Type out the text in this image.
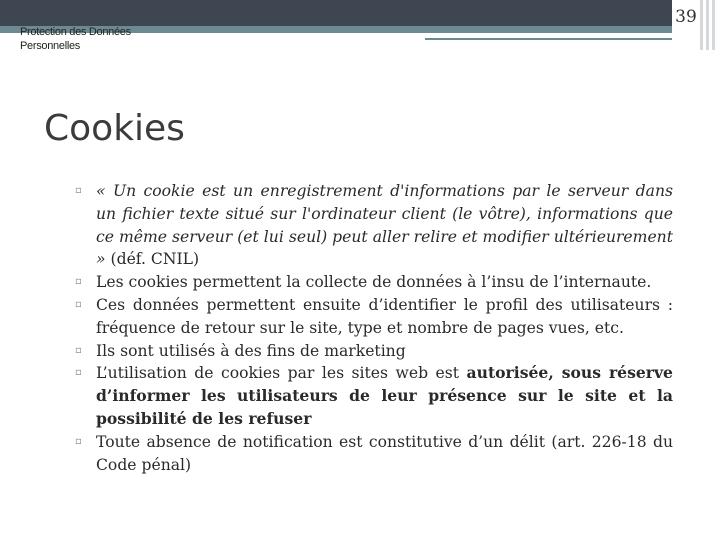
39
Protection des Données
Personnelles
Cookies
▫ « Un cookie est un enregistrement d'informations par le serveur dans un fichier texte situé sur l'ordinateur client (le vôtre), informations que ce même serveur (et lui seul) peut aller relire et modifier ultérieurement » (déf. CNIL)
▫ Les cookies permettent la collecte de données à l’insu de l’internaute.
▫ Ces données permettent ensuite d’identifier le profil des utilisateurs : fréquence de retour sur le site, type et nombre de pages vues, etc.
▫ Ils sont utilisés à des fins de marketing
▫ L’utilisation de cookies par les sites web est autorisée, sous réserve d’informer les utilisateurs de leur présence sur le site et la possibilité de les refuser
▫ Toute absence de notification est constitutive d’un délit (art. 226-18 du Code pénal)
